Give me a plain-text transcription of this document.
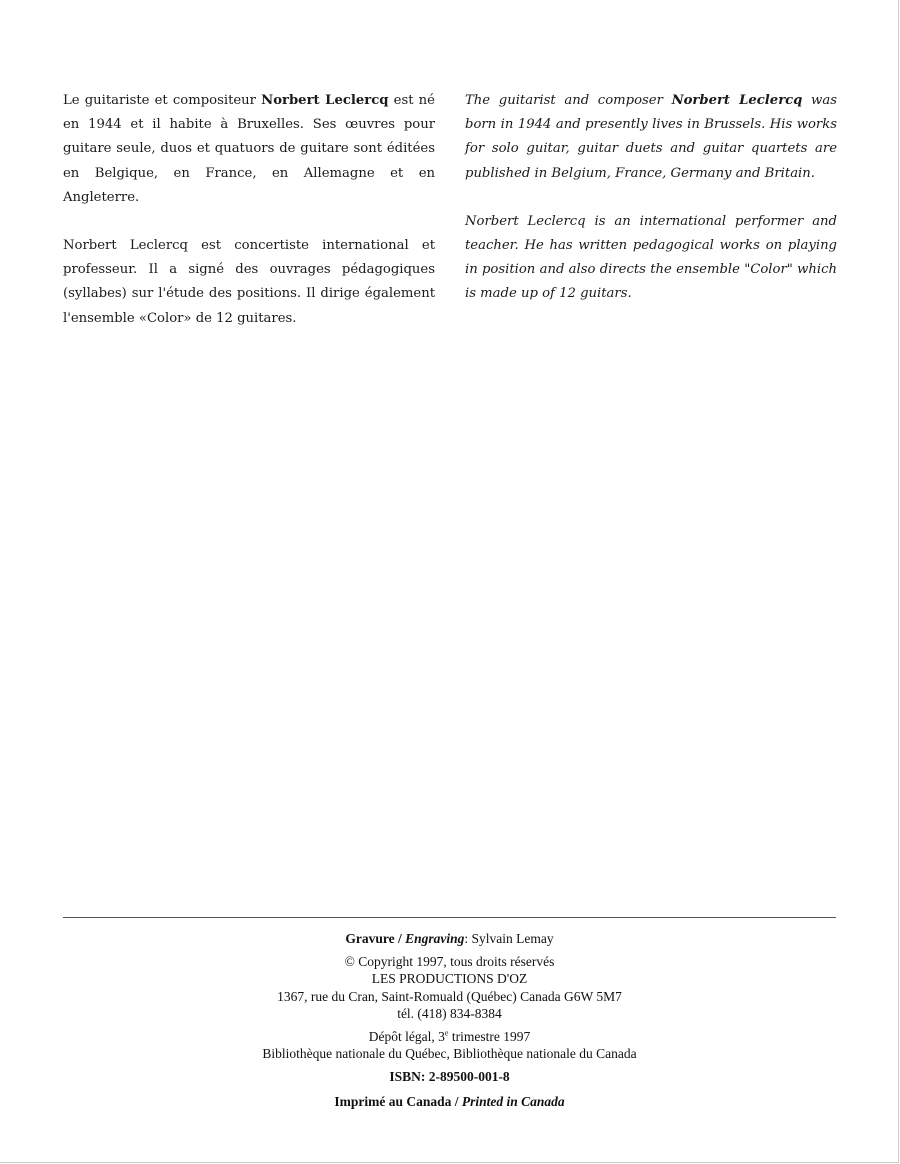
Le guitariste et compositeur Norbert Leclercq est né en 1944 et il habite à Bruxelles. Ses œuvres pour guitare seule, duos et quatuors de guitare sont éditées en Belgique, en France, en Allemagne et en Angleterre.

Norbert Leclercq est concertiste international et professeur. Il a signé des ouvrages pédagogiques (syllabes) sur l'étude des positions. Il dirige également l'ensemble «Color» de 12 guitares.

The guitarist and composer Norbert Leclercq was born in 1944 and presently lives in Brussels. His works for solo guitar, guitar duets and guitar quartets are published in Belgium, France, Germany and Britain.

Norbert Leclercq is an international performer and teacher. He has written pedagogical works on playing in position and also directs the ensemble "Color" which is made up of 12 guitars.

Gravure / Engraving: Sylvain Lemay
© Copyright 1997, tous droits réservés
LES PRODUCTIONS D'OZ
1367, rue du Cran, Saint-Romuald (Québec) Canada G6W 5M7
tél. (418) 834-8384
Dépôt légal, 3e trimestre 1997
Bibliothèque nationale du Québec, Bibliothèque nationale du Canada
ISBN: 2-89500-001-8
Imprimé au Canada / Printed in Canada
